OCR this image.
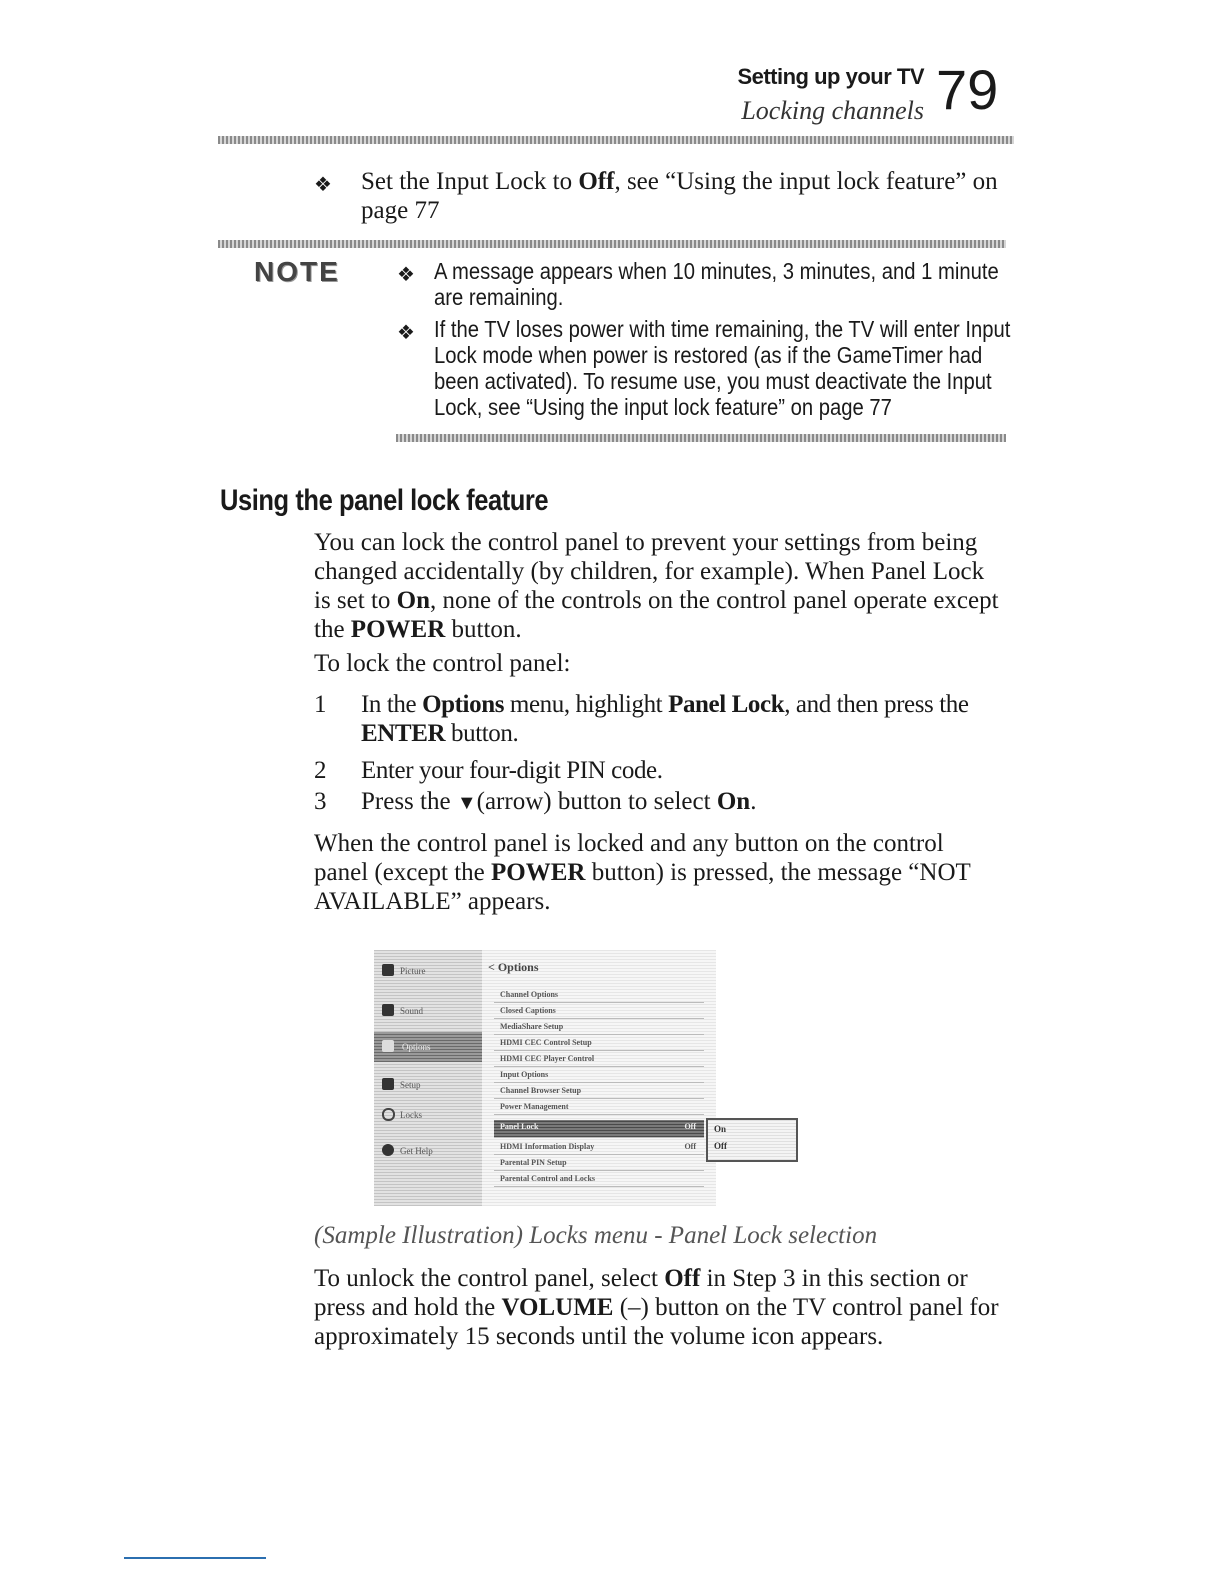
Setting up your TV
Locking channels 79
❖ Set the Input Lock to Off, see “Using the input lock feature” on
page 77
NOTE	❖ A message appears when 10 minutes, 3 minutes, and 1 minute
are remaining.
❖ If the TV loses power with time remaining, the TV will enter Input
Lock mode when power is restored (as if the GameTimer had
been activated). To resume use, you must deactivate the Input
Lock, see “Using the input lock feature” on page 77
Using the panel lock feature
You can lock the control panel to prevent your settings from being
changed accidentally (by children, for example). When Panel Lock
is set to On, none of the controls on the control panel operate except
the POWER button.
To lock the control panel:
1 In the Options menu, highlight Panel Lock, and then press the
ENTER button.
2 Enter your four-digit PIN code.
3 Press the ▼(arrow) button to select On.
When the control panel is locked and any button on the control
panel (except the POWER button) is pressed, the message “NOT
AVAILABLE” appears.
Picture
Sound
Options
Setup
Locks
Get Help
< Options
Channel Options
Closed Captions
MediaShare Setup
HDMI CEC Control Setup
HDMI CEC Player Control
Input Options
Channel Browser Setup
Power Management
Panel Lock	Off
HDMI Information Display	Off
Parental PIN Setup
Parental Control and Locks
On
Off
(Sample Illustration) Locks menu - Panel Lock selection
To unlock the control panel, select Off in Step 3 in this section or
press and hold the VOLUME (–) button on the TV control panel for
approximately 15 seconds until the volume icon appears.
